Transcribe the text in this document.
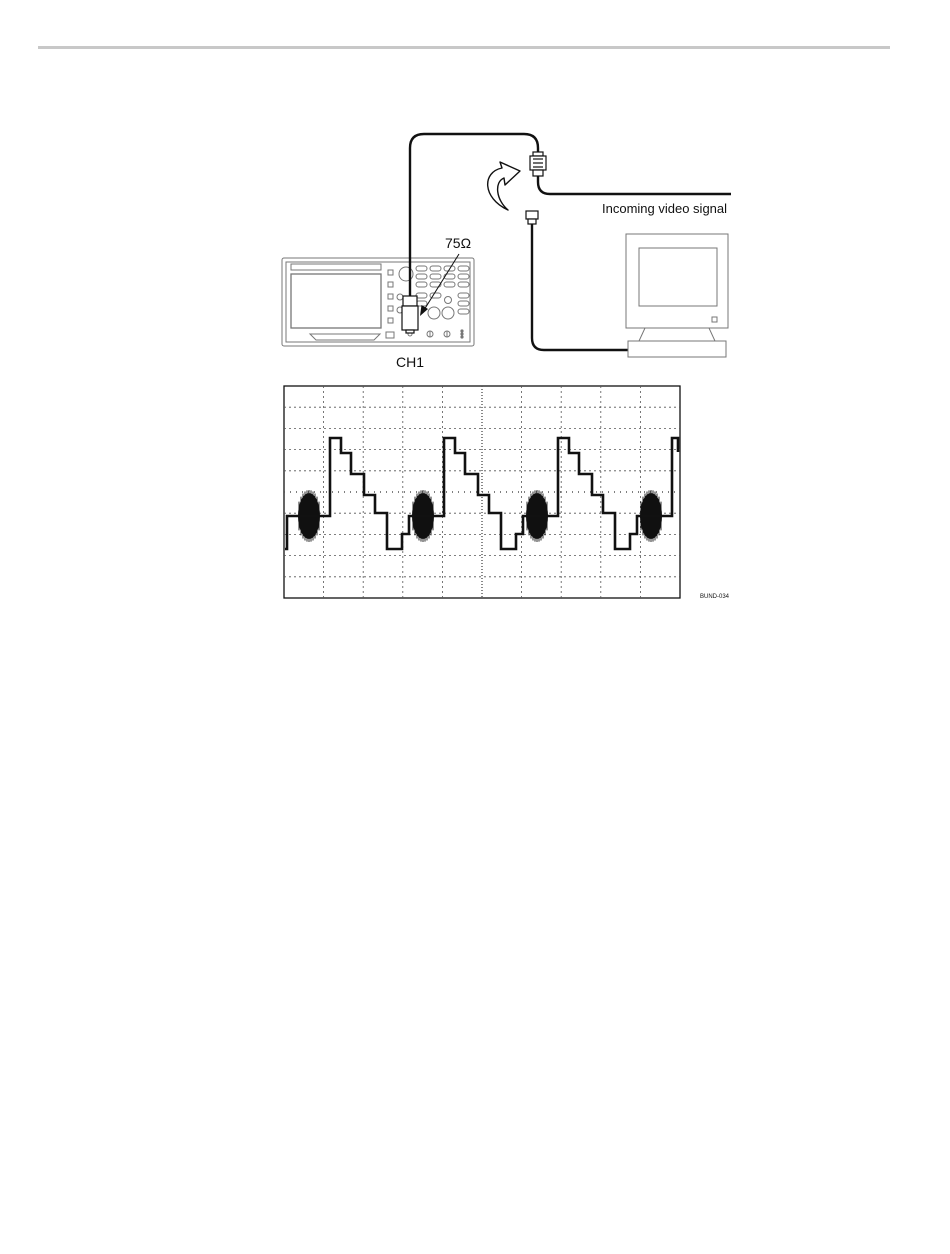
75Ω
Incoming video signal
CH1
BUND-034
